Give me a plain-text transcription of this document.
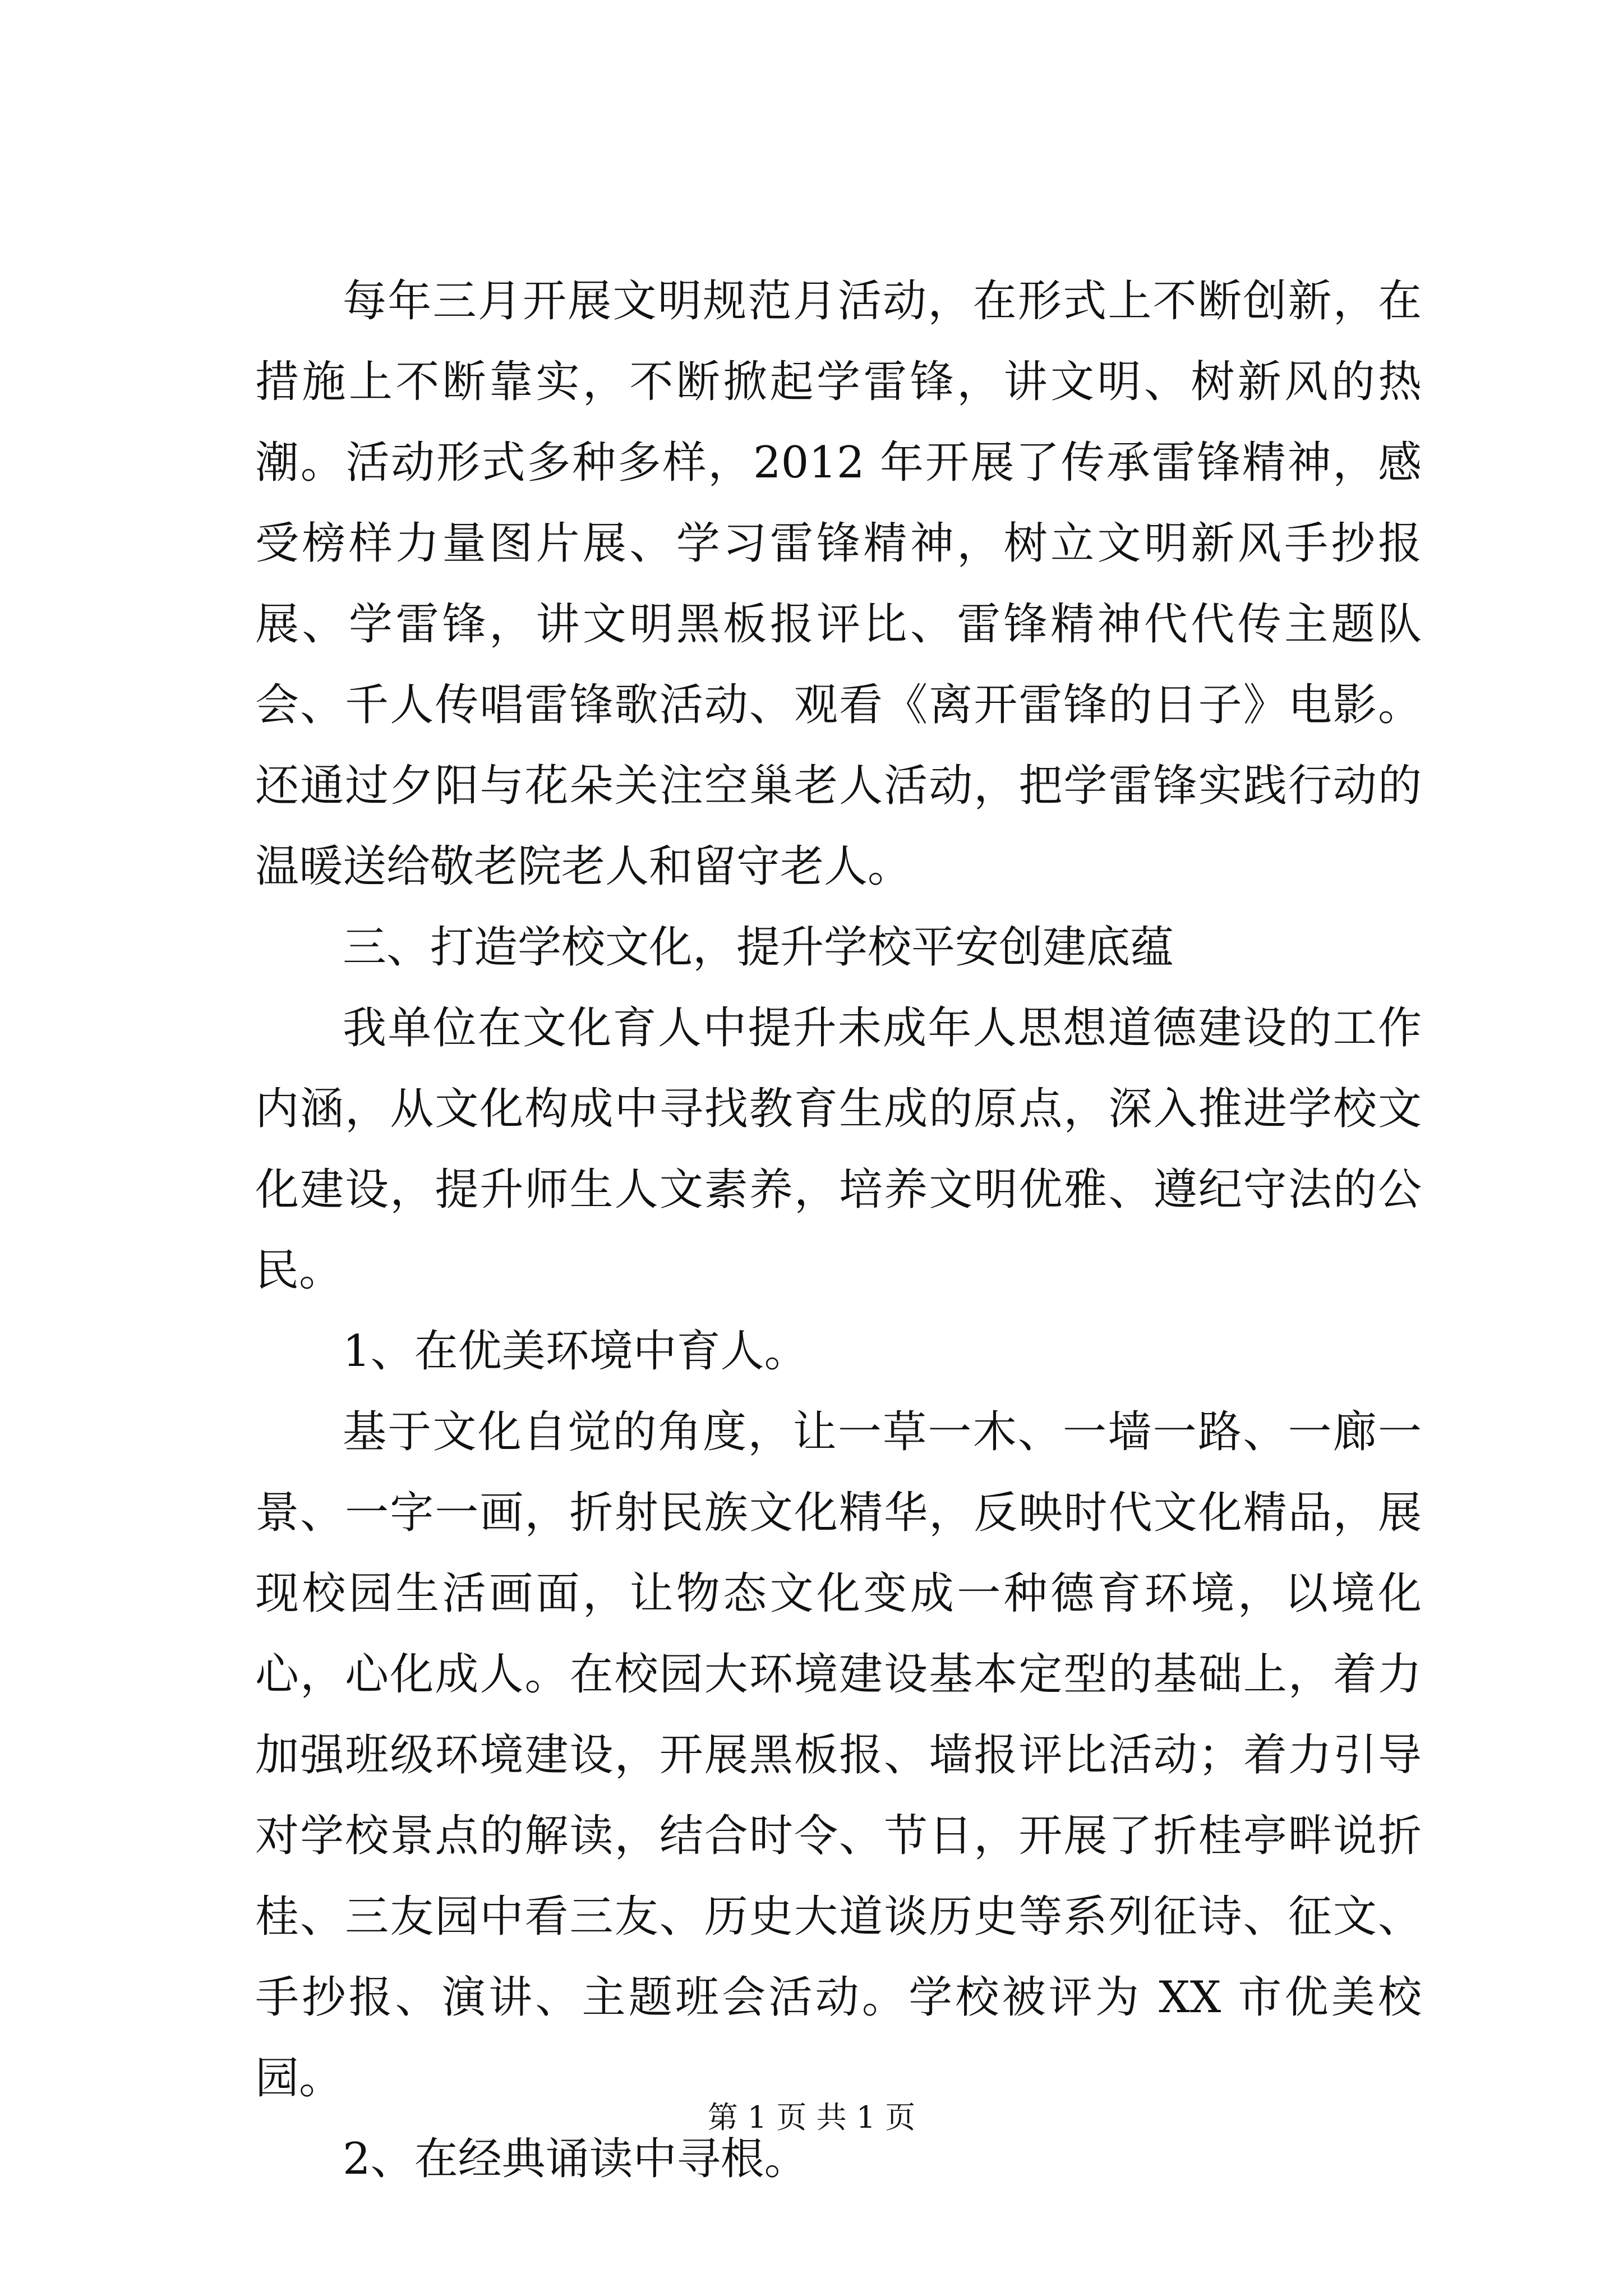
每年三月开展文明规范月活动，在形式上不断创新，在措施上不断靠实，不断掀起学雷锋，讲文明、树新风的热潮。活动形式多种多样，2012 年开展了传承雷锋精神，感受榜样力量图片展、学习雷锋精神，树立文明新风手抄报展、学雷锋，讲文明黑板报评比、雷锋精神代代传主题队会、千人传唱雷锋歌活动、观看《离开雷锋的日子》电影。还通过夕阳与花朵关注空巢老人活动，把学雷锋实践行动的温暖送给敬老院老人和留守老人。

三、打造学校文化，提升学校平安创建底蕴

我单位在文化育人中提升未成年人思想道德建设的工作内涵，从文化构成中寻找教育生成的原点，深入推进学校文化建设，提升师生人文素养，培养文明优雅、遵纪守法的公民。

1、在优美环境中育人。

基于文化自觉的角度，让一草一木、一墙一路、一廊一景、一字一画，折射民族文化精华，反映时代文化精品，展现校园生活画面，让物态文化变成一种德育环境，以境化心，心化成人。在校园大环境建设基本定型的基础上，着力加强班级环境建设，开展黑板报、墙报评比活动；着力引导对学校景点的解读，结合时令、节日，开展了折桂亭畔说折桂、三友园中看三友、历史大道谈历史等系列征诗、征文、手抄报、演讲、主题班会活动。学校被评为 XX 市优美校园。

2、在经典诵读中寻根。

第 1 页 共 1 页
